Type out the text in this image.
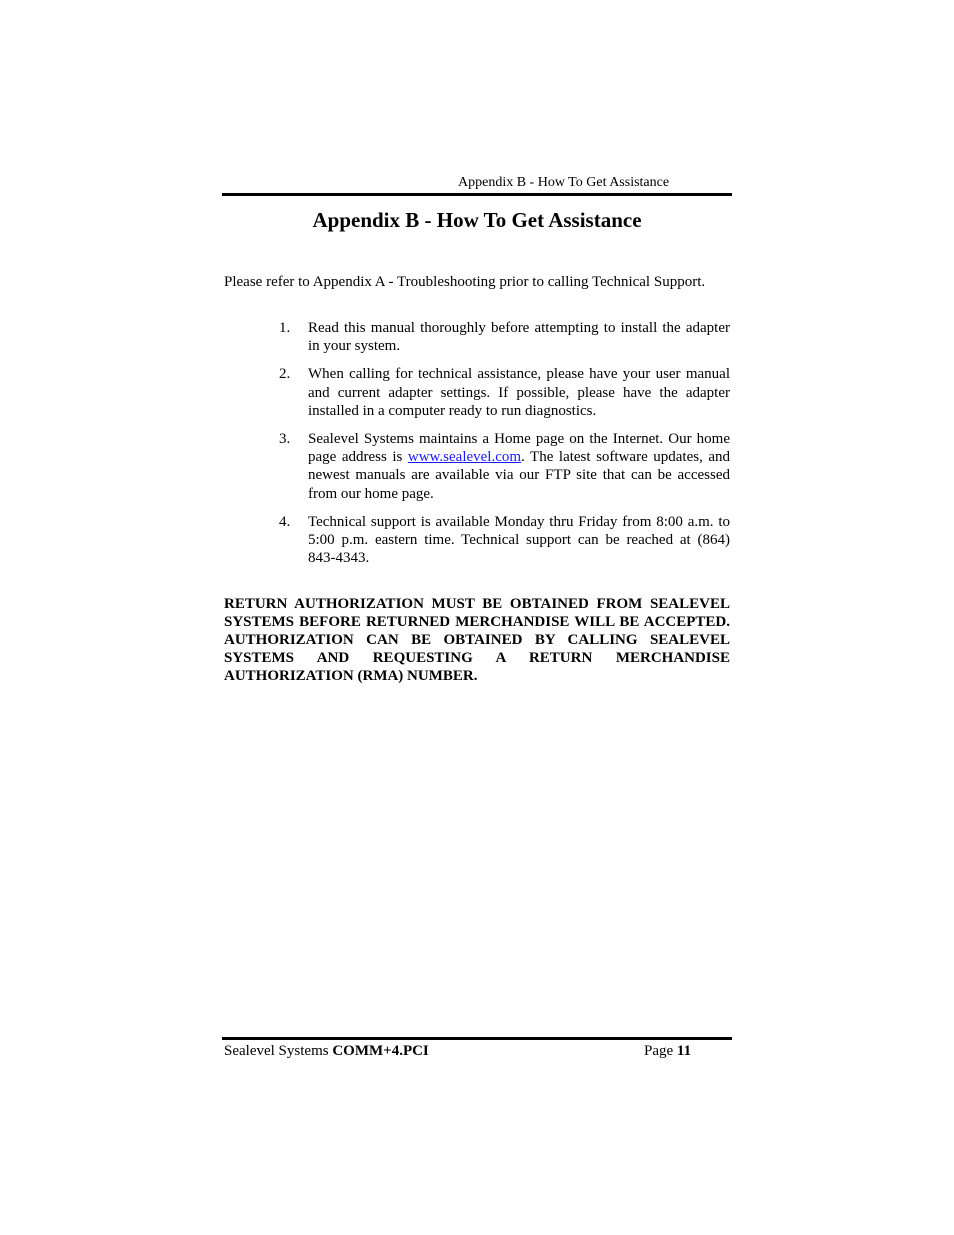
Appendix B - How To Get Assistance
Appendix B - How To Get Assistance

Please refer to Appendix A - Troubleshooting prior to calling Technical Support.

1. Read this manual thoroughly before attempting to install the adapter in your system.
2. When calling for technical assistance, please have your user manual and current adapter settings. If possible, please have the adapter installed in a computer ready to run diagnostics.
3. Sealevel Systems maintains a Home page on the Internet. Our home page address is www.sealevel.com. The latest software updates, and newest manuals are available via our FTP site that can be accessed from our home page.
4. Technical support is available Monday thru Friday from 8:00 a.m. to 5:00 p.m. eastern time. Technical support can be reached at (864) 843-4343.

RETURN AUTHORIZATION MUST BE OBTAINED FROM SEALEVEL SYSTEMS BEFORE RETURNED MERCHANDISE WILL BE ACCEPTED. AUTHORIZATION CAN BE OBTAINED BY CALLING SEALEVEL SYSTEMS AND REQUESTING A RETURN MERCHANDISE AUTHORIZATION (RMA) NUMBER.

Sealevel Systems COMM+4.PCI	Page 11
